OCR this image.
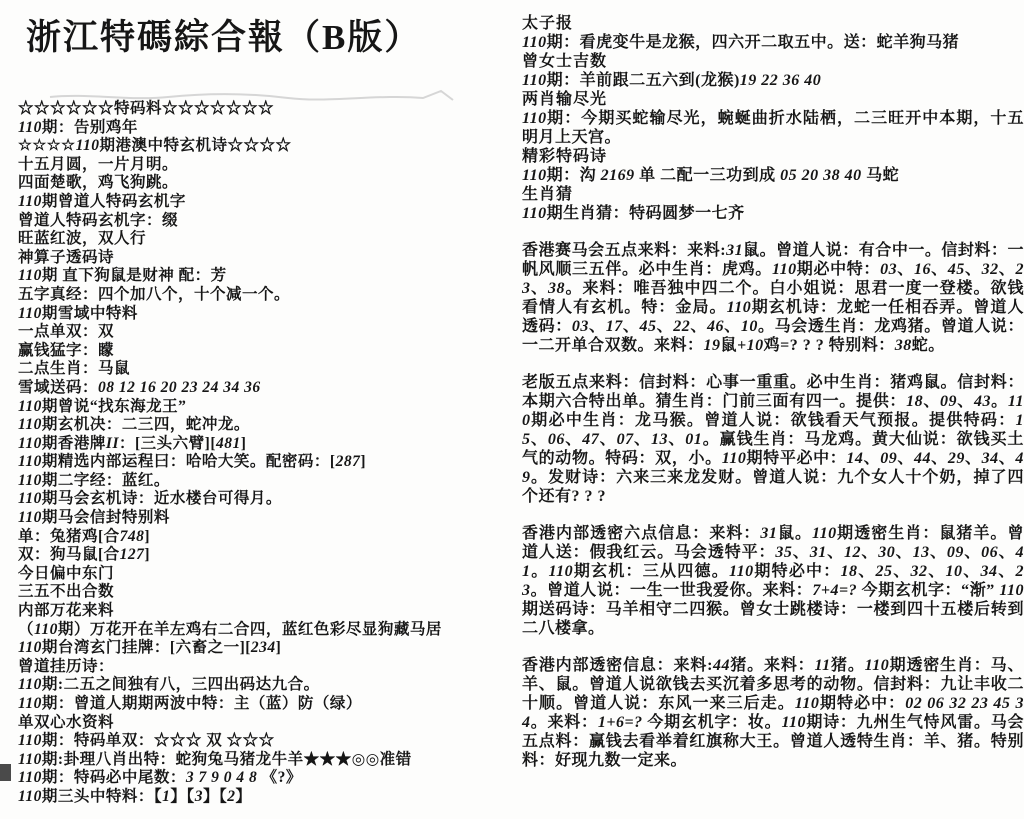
浙江特碼綜合報（B版）
☆☆☆☆☆☆特码料☆☆☆☆☆☆☆
110期：告别鸡年
☆☆☆☆110期港澳中特玄机诗☆☆☆☆
十五月圆，一片月明。
四面楚歌，鸡飞狗跳。
110期曾道人特码玄机字
曾道人特码玄机字：缀
旺蓝红波，双人行
神算子透码诗
110期 直下狗鼠是财神 配：芳
五字真经：四个加八个，十个减一个。
110期雪域中特料
一点单双：双
赢钱猛字：矇
二点生肖：马鼠
雪域送码：08 12 16 20 23 24 34 36
110期曾说“找东海龙王”
110期玄机决：二三四，蛇冲龙。
110期香港牌II：[三头六臂][481]
110期精选内部运程曰：哈哈大笑。配密码：[287]
110期二字经：蓝红。
110期马会玄机诗：近水楼台可得月。
110期马会信封特别料
单：兔猪鸡[合748]
双：狗马鼠[合127]
今日偏中东门
三五不出合数
内部万花来料
（110期）万花开在羊左鸡右二合四，蓝红色彩尽显狗藏马居
110期台湾玄门挂牌：[六畜之一][234]
曾道挂历诗：
110期:二五之间独有八，三四出码达九合。
110期：曾道人期期两波中特：主（蓝）防（绿）
单双心水资料
110期：特码单双：☆☆☆ 双 ☆☆☆
110期:卦理八肖出特：蛇狗兔马猪龙牛羊★★★◎◎准错
110期：特码必中尾数：3 7 9 0 4 8 《?》
110期三头中特料：【1】【3】【2】
太子报
110期：看虎变牛是龙猴，四六开二取五中。送：蛇羊狗马猪
曾女士吉数
110期：羊前跟二五六到(龙猴)19 22 36 40
两肖输尽光
110期：今期买蛇输尽光，蜿蜒曲折水陆栖，二三旺开中本期，十五明月上天宫。
精彩特码诗
110期：沟 2169 单 二配一三功到成 05 20 38 40 马蛇
生肖猜
110期生肖猜：特码圆梦一七齐
香港赛马会五点来料：来料:31鼠。曾道人说：有合中一。信封料：一帆风顺三五伴。必中生肖：虎鸡。110期必中特：03、16、45、32、23、38。来料：唯吾独中四二个。白小姐说：思君一度一登楼。欲钱看情人有玄机。特：金局。110期玄机诗：龙蛇一任相吞弄。曾道人透码：03、17、45、22、46、10。马会透生肖：龙鸡猪。曾道人说：一二开单合双数。来料：19鼠+10鸡=? ? ? 特别料：38蛇。
老版五点来料：信封料：心事一重重。必中生肖：猪鸡鼠。信封料：本期六合特出单。猜生肖：门前三面有四一。提供：18、09、43。110期必中生肖：龙马猴。曾道人说：欲钱看天气预报。提供特码：15、06、47、07、13、01。赢钱生肖：马龙鸡。黄大仙说：欲钱买土气的动物。特码：双，小。110期特平必中：14、09、44、29、34、49。发财诗：六来三来龙发财。曾道人说：九个女人十个奶，掉了四个还有? ? ?
香港内部透密六点信息：来料：31鼠。110期透密生肖：鼠猪羊。曾道人送：假我红云。马会透特平：35、31、12、30、13、09、06、41。110期玄机：三从四德。110期特必中：18、25、32、10、34、23。曾道人说：一生一世我爱你。来料：7+4=? 今期玄机字：“渐” 110期送码诗：马羊相守二四猴。曾女士跳楼诗：一楼到四十五楼后转到二八楼拿。
香港内部透密信息：来料:44猪。来料：11猪。110期透密生肖：马、羊、鼠。曾道人说欲钱去买沉着多思考的动物。信封料：九让丰收二十顺。曾道人说：东风一来三后走。110期特必中：02 06 32 23 45 34。来料：1+6=? 今期玄机字：妆。110期诗：九州生气恃风雷。马会五点料：赢钱去看举着红旗称大王。曾道人透特生肖：羊、猪。特别料：好现九数一定来。
